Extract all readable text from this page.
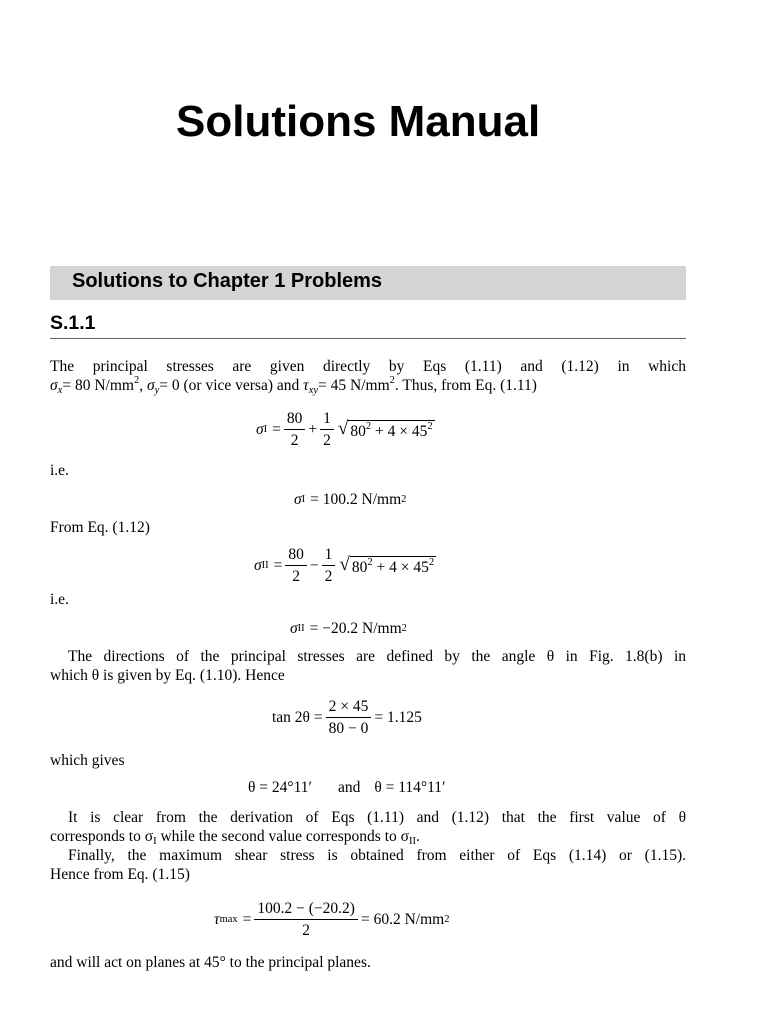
Solutions Manual
Solutions to Chapter 1 Problems
S.1.1
The principal stresses are given directly by Eqs (1.11) and (1.12) in which
$\sigma_x= 80$ $N/mm^2$, $\sigma_y= 0$ (or vice versa) and $\tau_{xy}= 45$ $N/mm^2$. Thus, from Eq. (1.11)
σ $I = \frac{80}{2} + \frac{1}{2}$ √ $80^2 + 4 \times 45^2$
i.e.
σ I = 100.2 N/mm 2
From Eq. (1.12)
σ II = $\frac{80}{2} - \frac{1}{2}$ √ $80^2 + 4 \times 45^2$
i.e.
σ II = −20.2 N/mm 2
The directions of the principal stresses are defined by the angle θ in Fig. 1.8(b) in
which θ is given by Eq. (1.10). Hence
$\tan 2\theta = \frac{2 \times 45}{80 - 0} = 1.125$
which gives
θ = 24°11′ and θ = 114°11′
It is clear from the derivation of Eqs (1.11) and (1.12) that the first value of θ
corresponds to $\sigma_I$ while the second value corresponds to $\sigma_{II}$.
Finally, the maximum shear stress is obtained from either of Eqs (1.14) or (1.15).
Hence from Eq. (1.15)
τ $\max = \frac{100.2 - (-20.2)}{2} = 60.2$ N/mm 2
and will act on planes at 45° to the principal planes.
